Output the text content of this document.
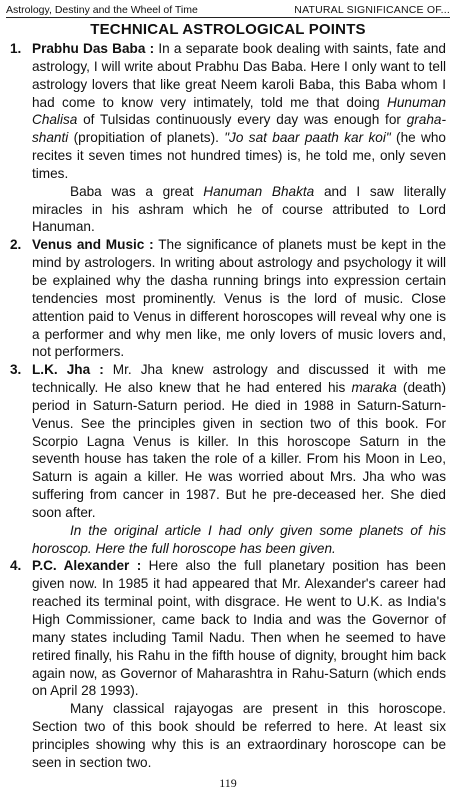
Astrology, Destiny and the Wheel of Time	NATURAL SIGNIFICANCE OF...
TECHNICAL ASTROLOGICAL POINTS
1. Prabhu Das Baba : In a separate book dealing with saints, fate and astrology, I will write about Prabhu Das Baba. Here I only want to tell astrology lovers that like great Neem karoli Baba, this Baba whom I had come to know very intimately, told me that doing Hunuman Chalisa of Tulsidas continuously every day was enough for graha-shanti (propitiation of planets). "Jo sat baar paath kar koi" (he who recites it seven times not hundred times) is, he told me, only seven times.

Baba was a great Hanuman Bhakta and I saw literally miracles in his ashram which he of course attributed to Lord Hanuman.

2. Venus and Music : The significance of planets must be kept in the mind by astrologers. In writing about astrology and psychology it will be explained why the dasha running brings into expression certain tendencies most prominently. Venus is the lord of music. Close attention paid to Venus in different horoscopes will reveal why one is a performer and why men like, me only lovers of music lovers and, not performers.

3. L.K. Jha : Mr. Jha knew astrology and discussed it with me technically. He also knew that he had entered his maraka (death) period in Saturn-Saturn period. He died in 1988 in Saturn-Saturn-Venus. See the principles given in section two of this book. For Scorpio Lagna Venus is killer. In this horoscope Saturn in the seventh house has taken the role of a killer. From his Moon in Leo, Saturn is again a killer. He was worried about Mrs. Jha who was suffering from cancer in 1987. But he pre-deceased her. She died soon after.

In the original article I had only given some planets of his horoscop. Here the full horoscope has been given.

4. P.C. Alexander : Here also the full planetary position has been given now. In 1985 it had appeared that Mr. Alexander's career had reached its terminal point, with disgrace. He went to U.K. as India's High Commissioner, came back to India and was the Governor of many states including Tamil Nadu. Then when he seemed to have retired finally, his Rahu in the fifth house of dignity, brought him back again now, as Governor of Maharashtra in Rahu-Saturn (which ends on April 28 1993).

Many classical rajayogas are present in this horoscope. Section two of this book should be referred to here. At least six principles showing why this is an extraordinary horoscope can be seen in section two.

119
